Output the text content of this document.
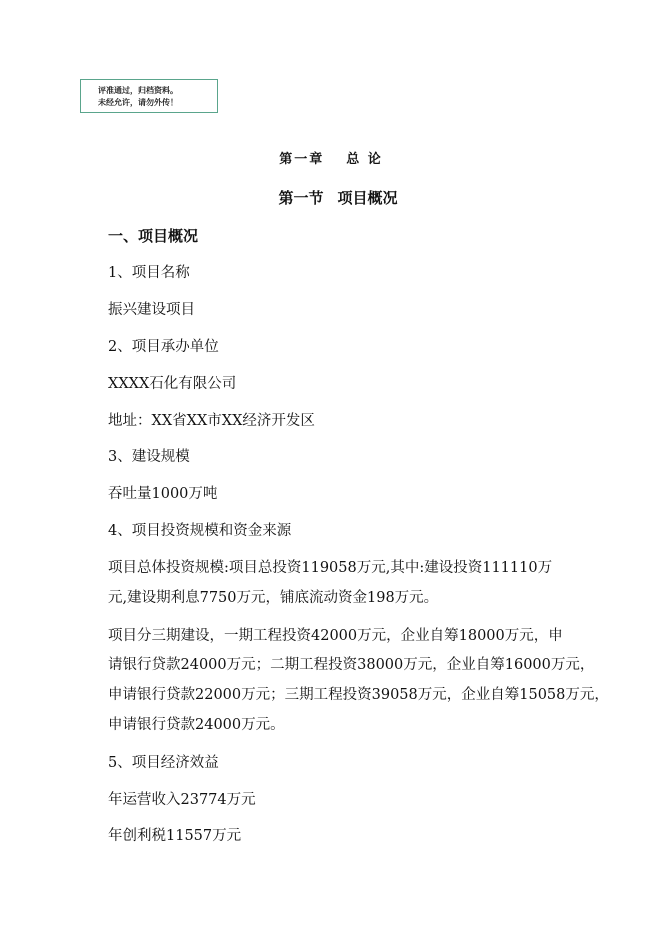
评准通过，归档资料。
未经允许，请勿外传！
第一章 总 论
第一节 项目概况
一、项目概况
1、项目名称
振兴建设项目
2、项目承办单位
XXXX石化有限公司
地址：XX省XX市XX经济开发区
3、建设规模
吞吐量1000万吨
4、项目投资规模和资金来源
项目总体投资规模:项目总投资119058万元,其中:建设投资111110万
元,建设期利息7750万元，铺底流动资金198万元。
项目分三期建设，一期工程投资42000万元，企业自筹18000万元，申
请银行贷款24000万元；二期工程投资38000万元，企业自筹16000万元，
申请银行贷款22000万元；三期工程投资39058万元，企业自筹15058万元，
申请银行贷款24000万元。
5、项目经济效益
年运营收入23774万元
年创利税11557万元
